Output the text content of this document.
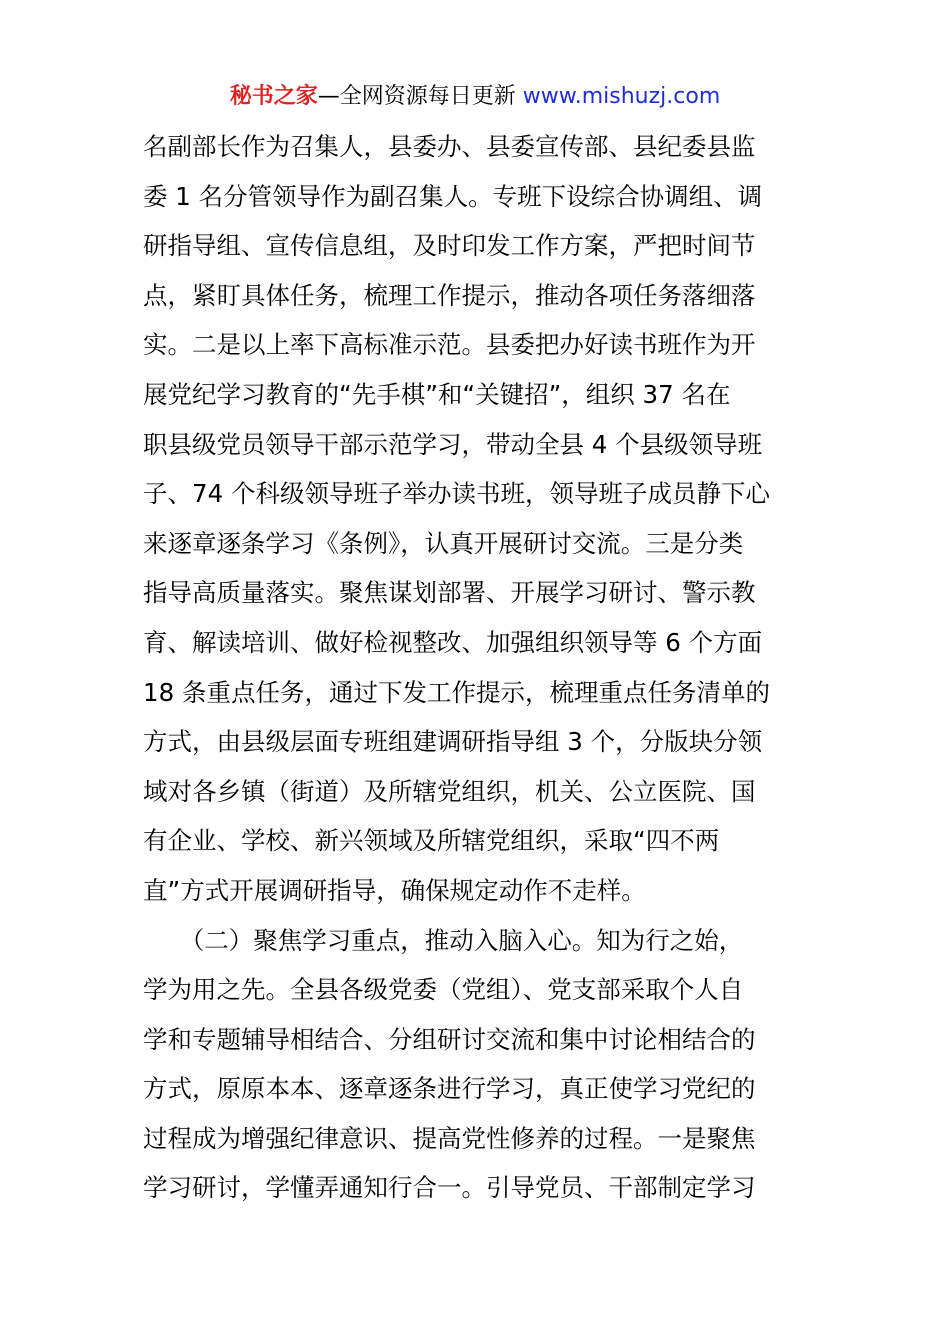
秘书之家—全网资源每日更新 www.mishuzj.com
名副部长作为召集人，县委办、县委宣传部、县纪委县监
委 1 名分管领导作为副召集人。专班下设综合协调组、调
研指导组、宣传信息组，及时印发工作方案，严把时间节
点，紧盯具体任务，梳理工作提示，推动各项任务落细落
实。二是以上率下高标准示范。县委把办好读书班作为开
展党纪学习教育的“先手棋”和“关键招”，组织 37 名在
职县级党员领导干部示范学习，带动全县 4 个县级领导班
子、74 个科级领导班子举办读书班，领导班子成员静下心
来逐章逐条学习《条例》，认真开展研讨交流。三是分类
指导高质量落实。聚焦谋划部署、开展学习研讨、警示教
育、解读培训、做好检视整改、加强组织领导等 6 个方面
18 条重点任务，通过下发工作提示，梳理重点任务清单的
方式，由县级层面专班组建调研指导组 3 个，分版块分领
域对各乡镇（街道）及所辖党组织，机关、公立医院、国
有企业、学校、新兴领域及所辖党组织，采取“四不两
直”方式开展调研指导，确保规定动作不走样。
　　（二）聚焦学习重点，推动入脑入心。知为行之始，
学为用之先。全县各级党委（党组）、党支部采取个人自
学和专题辅导相结合、分组研讨交流和集中讨论相结合的
方式，原原本本、逐章逐条进行学习，真正使学习党纪的
过程成为增强纪律意识、提高党性修养的过程。一是聚焦
学习研讨，学懂弄通知行合一。引导党员、干部制定学习
